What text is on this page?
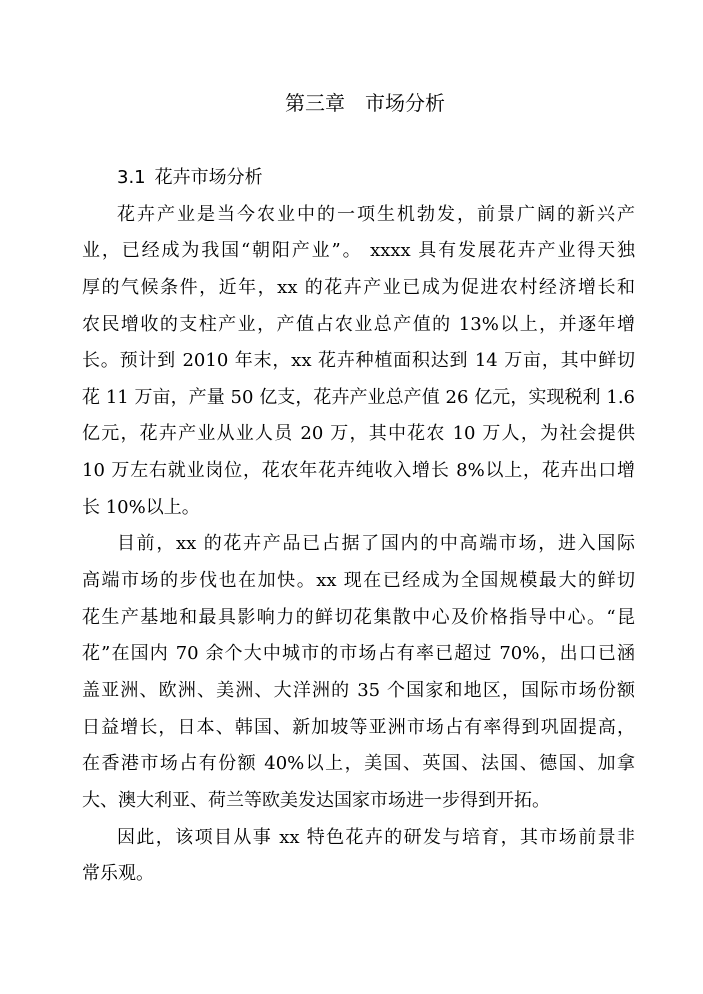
第三章　市场分析
3.1 花卉市场分析
花卉产业是当今农业中的一项生机勃发，前景广阔的新兴产
业，已经成为我国“朝阳产业”。 xxxx 具有发展花卉产业得天独
厚的气候条件，近年，xx 的花卉产业已成为促进农村经济增长和
农民增收的支柱产业，产值占农业总产值的 13%以上，并逐年增
长。预计到 2010 年末，xx 花卉种植面积达到 14 万亩，其中鲜切
花 11 万亩，产量 50 亿支，花卉产业总产值 26 亿元，实现税利 1.6
亿元，花卉产业从业人员 20 万，其中花农 10 万人，为社会提供
10 万左右就业岗位，花农年花卉纯收入增长 8%以上，花卉出口增
长 10%以上。
目前，xx 的花卉产品已占据了国内的中高端市场，进入国际
高端市场的步伐也在加快。xx 现在已经成为全国规模最大的鲜切
花生产基地和最具影响力的鲜切花集散中心及价格指导中心。“昆
花”在国内 70 余个大中城市的市场占有率已超过 70%，出口已涵
盖亚洲、欧洲、美洲、大洋洲的 35 个国家和地区，国际市场份额
日益增长，日本、韩国、新加坡等亚洲市场占有率得到巩固提高，
在香港市场占有份额 40%以上，美国、英国、法国、德国、加拿
大、澳大利亚、荷兰等欧美发达国家市场进一步得到开拓。
因此，该项目从事 xx 特色花卉的研发与培育，其市场前景非
常乐观。
